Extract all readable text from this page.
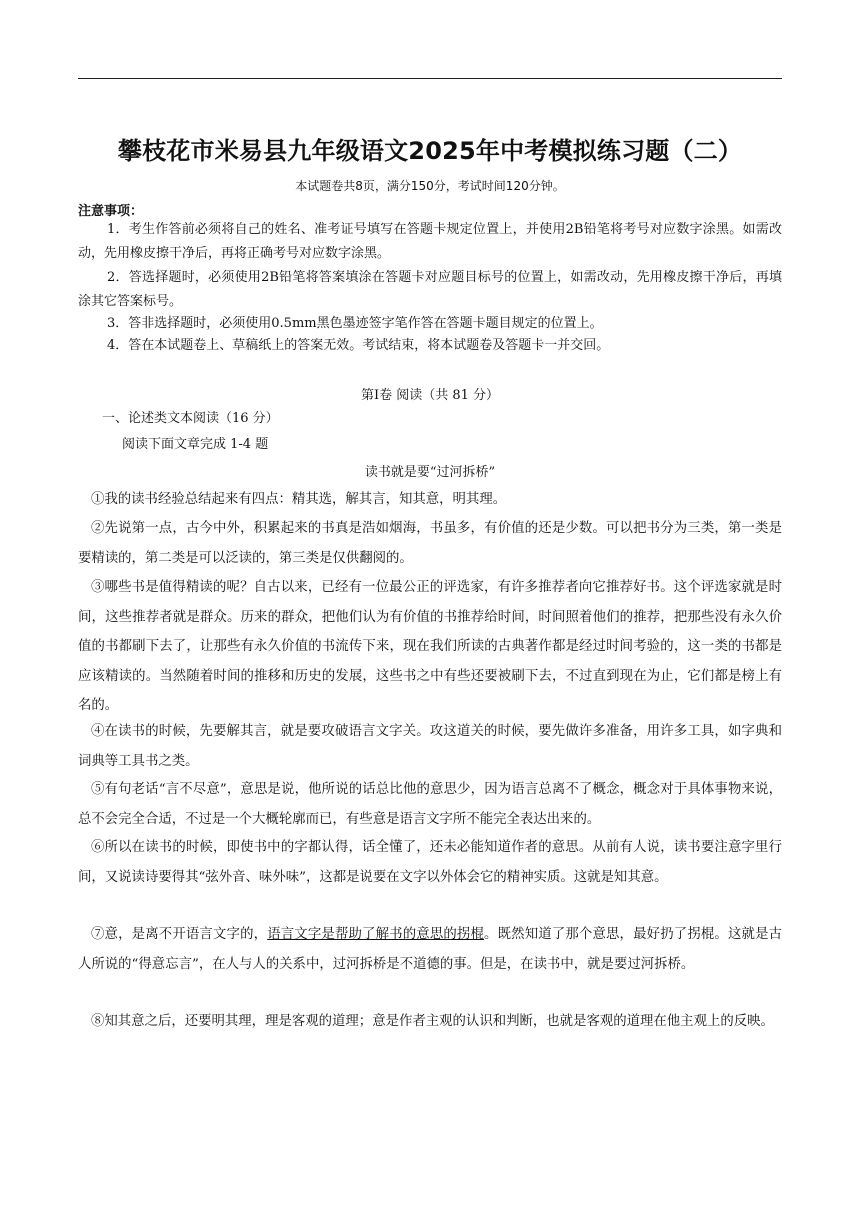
攀枝花市米易县九年级语文2025年中考模拟练习题（二）
本试题卷共8页，满分150分，考试时间120分钟。
注意事项：
1．考生作答前必须将自己的姓名、准考证号填写在答题卡规定位置上，并使用2B铅笔将考号对应数字涂黑。如需改动，先用橡皮擦干净后，再将正确考号对应数字涂黑。
2．答选择题时，必须使用2B铅笔将答案填涂在答题卡对应题目标号的位置上，如需改动，先用橡皮擦干净后，再填涂其它答案标号。
3．答非选择题时，必须使用0.5mm黑色墨迹签字笔作答在答题卡题目规定的位置上。
4．答在本试题卷上、草稿纸上的答案无效。考试结束，将本试题卷及答题卡一并交回。
第Ⅰ卷 阅读（共 81 分）
一、论述类文本阅读（16 分）
阅读下面文章完成 1-4 题
读书就是要“过河拆桥”
①我的读书经验总结起来有四点：精其选，解其言，知其意，明其理。
②先说第一点，古今中外，积累起来的书真是浩如烟海，书虽多，有价值的还是少数。可以把书分为三类，第一类是要精读的，第二类是可以泛读的，第三类是仅供翻阅的。
③哪些书是值得精读的呢？自古以来，已经有一位最公正的评选家，有许多推荐者向它推荐好书。这个评选家就是时间，这些推荐者就是群众。历来的群众，把他们认为有价值的书推荐给时间，时间照着他们的推荐，把那些没有永久价值的书都刷下去了，让那些有永久价值的书流传下来，现在我们所读的古典著作都是经过时间考验的，这一类的书都是应该精读的。当然随着时间的推移和历史的发展，这些书之中有些还要被刷下去，不过直到现在为止，它们都是榜上有名的。
④在读书的时候，先要解其言，就是要攻破语言文字关。攻这道关的时候，要先做许多准备，用许多工具，如字典和词典等工具书之类。
⑤有句老话“言不尽意”，意思是说，他所说的话总比他的意思少，因为语言总离不了概念，概念对于具体事物来说，总不会完全合适，不过是一个大概轮廓而已，有些意是语言文字所不能完全表达出来的。
⑥所以在读书的时候，即使书中的字都认得，话全懂了，还未必能知道作者的意思。从前有人说，读书要注意字里行间，又说读诗要得其“弦外音、味外味”，这都是说要在文字以外体会它的精神实质。这就是知其意。
⑦意，是离不开语言文字的，语言文字是帮助了解书的意思的拐棍。既然知道了那个意思，最好扔了拐棍。这就是古人所说的“得意忘言”，在人与人的关系中，过河拆桥是不道德的事。但是，在读书中，就是要过河拆桥。
⑧知其意之后，还要明其理，理是客观的道理；意是作者主观的认识和判断，也就是客观的道理在他主观上的反映。
